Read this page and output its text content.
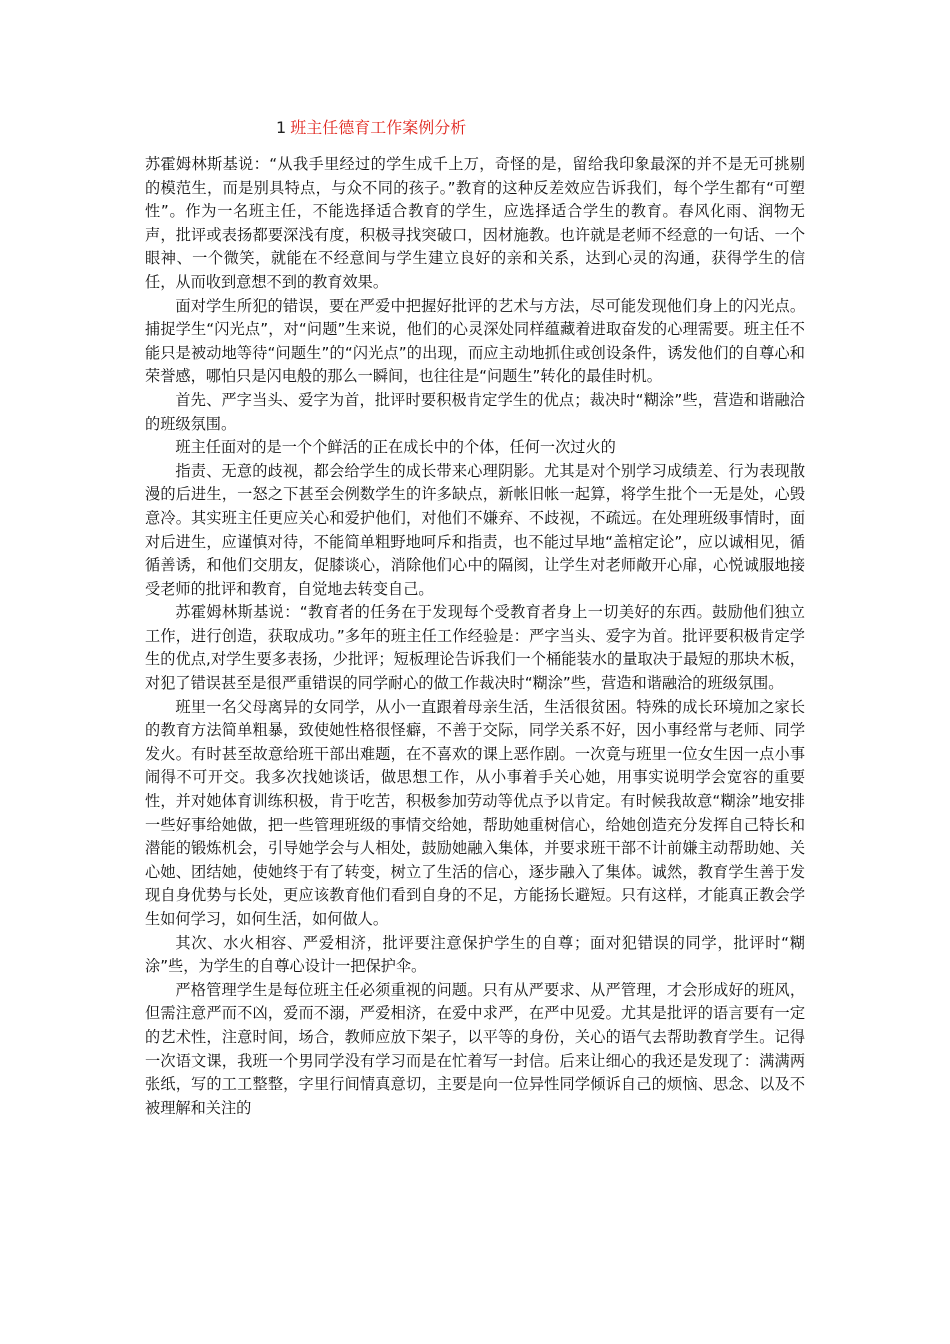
1 班主任德育工作案例分析

苏霍姆林斯基说：“从我手里经过的学生成千上万，奇怪的是，留给我印象最深的并不是无可挑剔的模范生，而是别具特点，与众不同的孩子。”教育的这种反差效应告诉我们，每个学生都有“可塑性”。作为一名班主任，不能选择适合教育的学生，应选择适合学生的教育。春风化雨、润物无声，批评或表扬都要深浅有度，积极寻找突破口，因材施教。也许就是老师不经意的一句话、一个眼神、一个微笑，就能在不经意间与学生建立良好的亲和关系，达到心灵的沟通，获得学生的信任，从而收到意想不到的教育效果。

面对学生所犯的错误，要在严爱中把握好批评的艺术与方法，尽可能发现他们身上的闪光点。捕捉学生“闪光点”，对“问题”生来说，他们的心灵深处同样蕴藏着进取奋发的心理需要。班主任不能只是被动地等待“问题生”的“闪光点”的出现，而应主动地抓住或创设条件，诱发他们的自尊心和荣誉感，哪怕只是闪电般的那么一瞬间，也往往是“问题生”转化的最佳时机。

首先、严字当头、爱字为首，批评时要积极肯定学生的优点；裁决时“糊涂”些，营造和谐融洽的班级氛围。

班主任面对的是一个个鲜活的正在成长中的个体，任何一次过火的

指责、无意的歧视，都会给学生的成长带来心理阴影。尤其是对个别学习成绩差、行为表现散漫的后进生，一怒之下甚至会例数学生的许多缺点，新帐旧帐一起算，将学生批个一无是处，心毁意冷。其实班主任更应关心和爱护他们，对他们不嫌弃、不歧视，不疏远。在处理班级事情时，面对后进生，应谨慎对待，不能简单粗野地呵斥和指责，也不能过早地“盖棺定论”，应以诚相见，循循善诱，和他们交朋友，促膝谈心，消除他们心中的隔阂，让学生对老师敞开心扉，心悦诚服地接受老师的批评和教育，自觉地去转变自己。

苏霍姆林斯基说：“教育者的任务在于发现每个受教育者身上一切美好的东西。鼓励他们独立工作，进行创造，获取成功。”多年的班主任工作经验是：严字当头、爱字为首。批评要积极肯定学生的优点,对学生要多表扬，少批评；短板理论告诉我们一个桶能装水的量取决于最短的那块木板，对犯了错误甚至是很严重错误的同学耐心的做工作裁决时“糊涂”些，营造和谐融洽的班级氛围。

班里一名父母离异的女同学，从小一直跟着母亲生活，生活很贫困。特殊的成长环境加之家长的教育方法简单粗暴，致使她性格很怪癖，不善于交际，同学关系不好，因小事经常与老师、同学发火。有时甚至故意给班干部出难题，在不喜欢的课上恶作剧。一次竟与班里一位女生因一点小事闹得不可开交。我多次找她谈话，做思想工作，从小事着手关心她，用事实说明学会宽容的重要性，并对她体育训练积极，肯于吃苦，积极参加劳动等优点予以肯定。有时候我故意“糊涂”地安排一些好事给她做，把一些管理班级的事情交给她，帮助她重树信心，给她创造充分发挥自己特长和潜能的锻炼机会，引导她学会与人相处，鼓励她融入集体，并要求班干部不计前嫌主动帮助她、关心她、团结她，使她终于有了转变，树立了生活的信心，逐步融入了集体。诚然，教育学生善于发现自身优势与长处，更应该教育他们看到自身的不足，方能扬长避短。只有这样，才能真正教会学生如何学习，如何生活，如何做人。

其次、水火相容、严爱相济，批评要注意保护学生的自尊；面对犯错误的同学，批评时“糊涂”些，为学生的自尊心设计一把保护伞。

严格管理学生是每位班主任必须重视的问题。只有从严要求、从严管理，才会形成好的班风，但需注意严而不凶，爱而不溺，严爱相济，在爱中求严，在严中见爱。尤其是批评的语言要有一定的艺术性，注意时间，场合，教师应放下架子，以平等的身份，关心的语气去帮助教育学生。记得一次语文课，我班一个男同学没有学习而是在忙着写一封信。后来让细心的我还是发现了：满满两张纸，写的工工整整，字里行间情真意切，主要是向一位异性同学倾诉自己的烦恼、思念、以及不被理解和关注的
